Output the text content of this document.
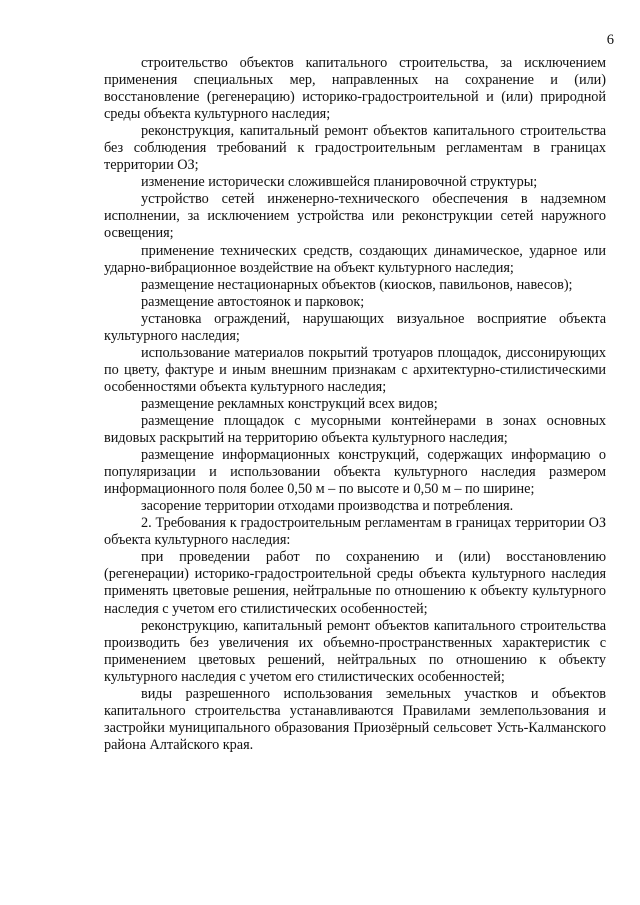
6

строительство объектов капитального строительства, за исключением применения специальных мер, направленных на сохранение и (или) восстановление (регенерацию) историко-градостроительной и (или) природной среды объекта культурного наследия;

реконструкция, капитальный ремонт объектов капитального строительства без соблюдения требований к градостроительным регламентам в границах территории ОЗ;

изменение исторически сложившейся планировочной структуры;

устройство сетей инженерно-технического обеспечения в надземном исполнении, за исключением устройства или реконструкции сетей наружного освещения;

применение технических средств, создающих динамическое, ударное или ударно-вибрационное воздействие на объект культурного наследия;

размещение нестационарных объектов (киосков, павильонов, навесов);

размещение автостоянок и парковок;

установка ограждений, нарушающих визуальное восприятие объекта культурного наследия;

использование материалов покрытий тротуаров площадок, диссонирующих по цвету, фактуре и иным внешним признакам с архитектурно-стилистическими особенностями объекта культурного наследия;

размещение рекламных конструкций всех видов;

размещение площадок с мусорными контейнерами в зонах основных видовых раскрытий на территорию объекта культурного наследия;

размещение информационных конструкций, содержащих информацию о популяризации и использовании объекта культурного наследия размером информационного поля более 0,50 м – по высоте и 0,50 м – по ширине;

засорение территории отходами производства и потребления.

2. Требования к градостроительным регламентам в границах территории ОЗ объекта культурного наследия:

при проведении работ по сохранению и (или) восстановлению (регенерации) историко-градостроительной среды объекта культурного наследия применять цветовые решения, нейтральные по отношению к объекту культурного наследия с учетом его стилистических особенностей;

реконструкцию, капитальный ремонт объектов капитального строительства производить без увеличения их объемно-пространственных характеристик с применением цветовых решений, нейтральных по отношению к объекту культурного наследия с учетом его стилистических особенностей;

виды разрешенного использования земельных участков и объектов капитального строительства устанавливаются Правилами землепользования и застройки муниципального образования Приозёрный сельсовет Усть-Калманского района Алтайского края.
